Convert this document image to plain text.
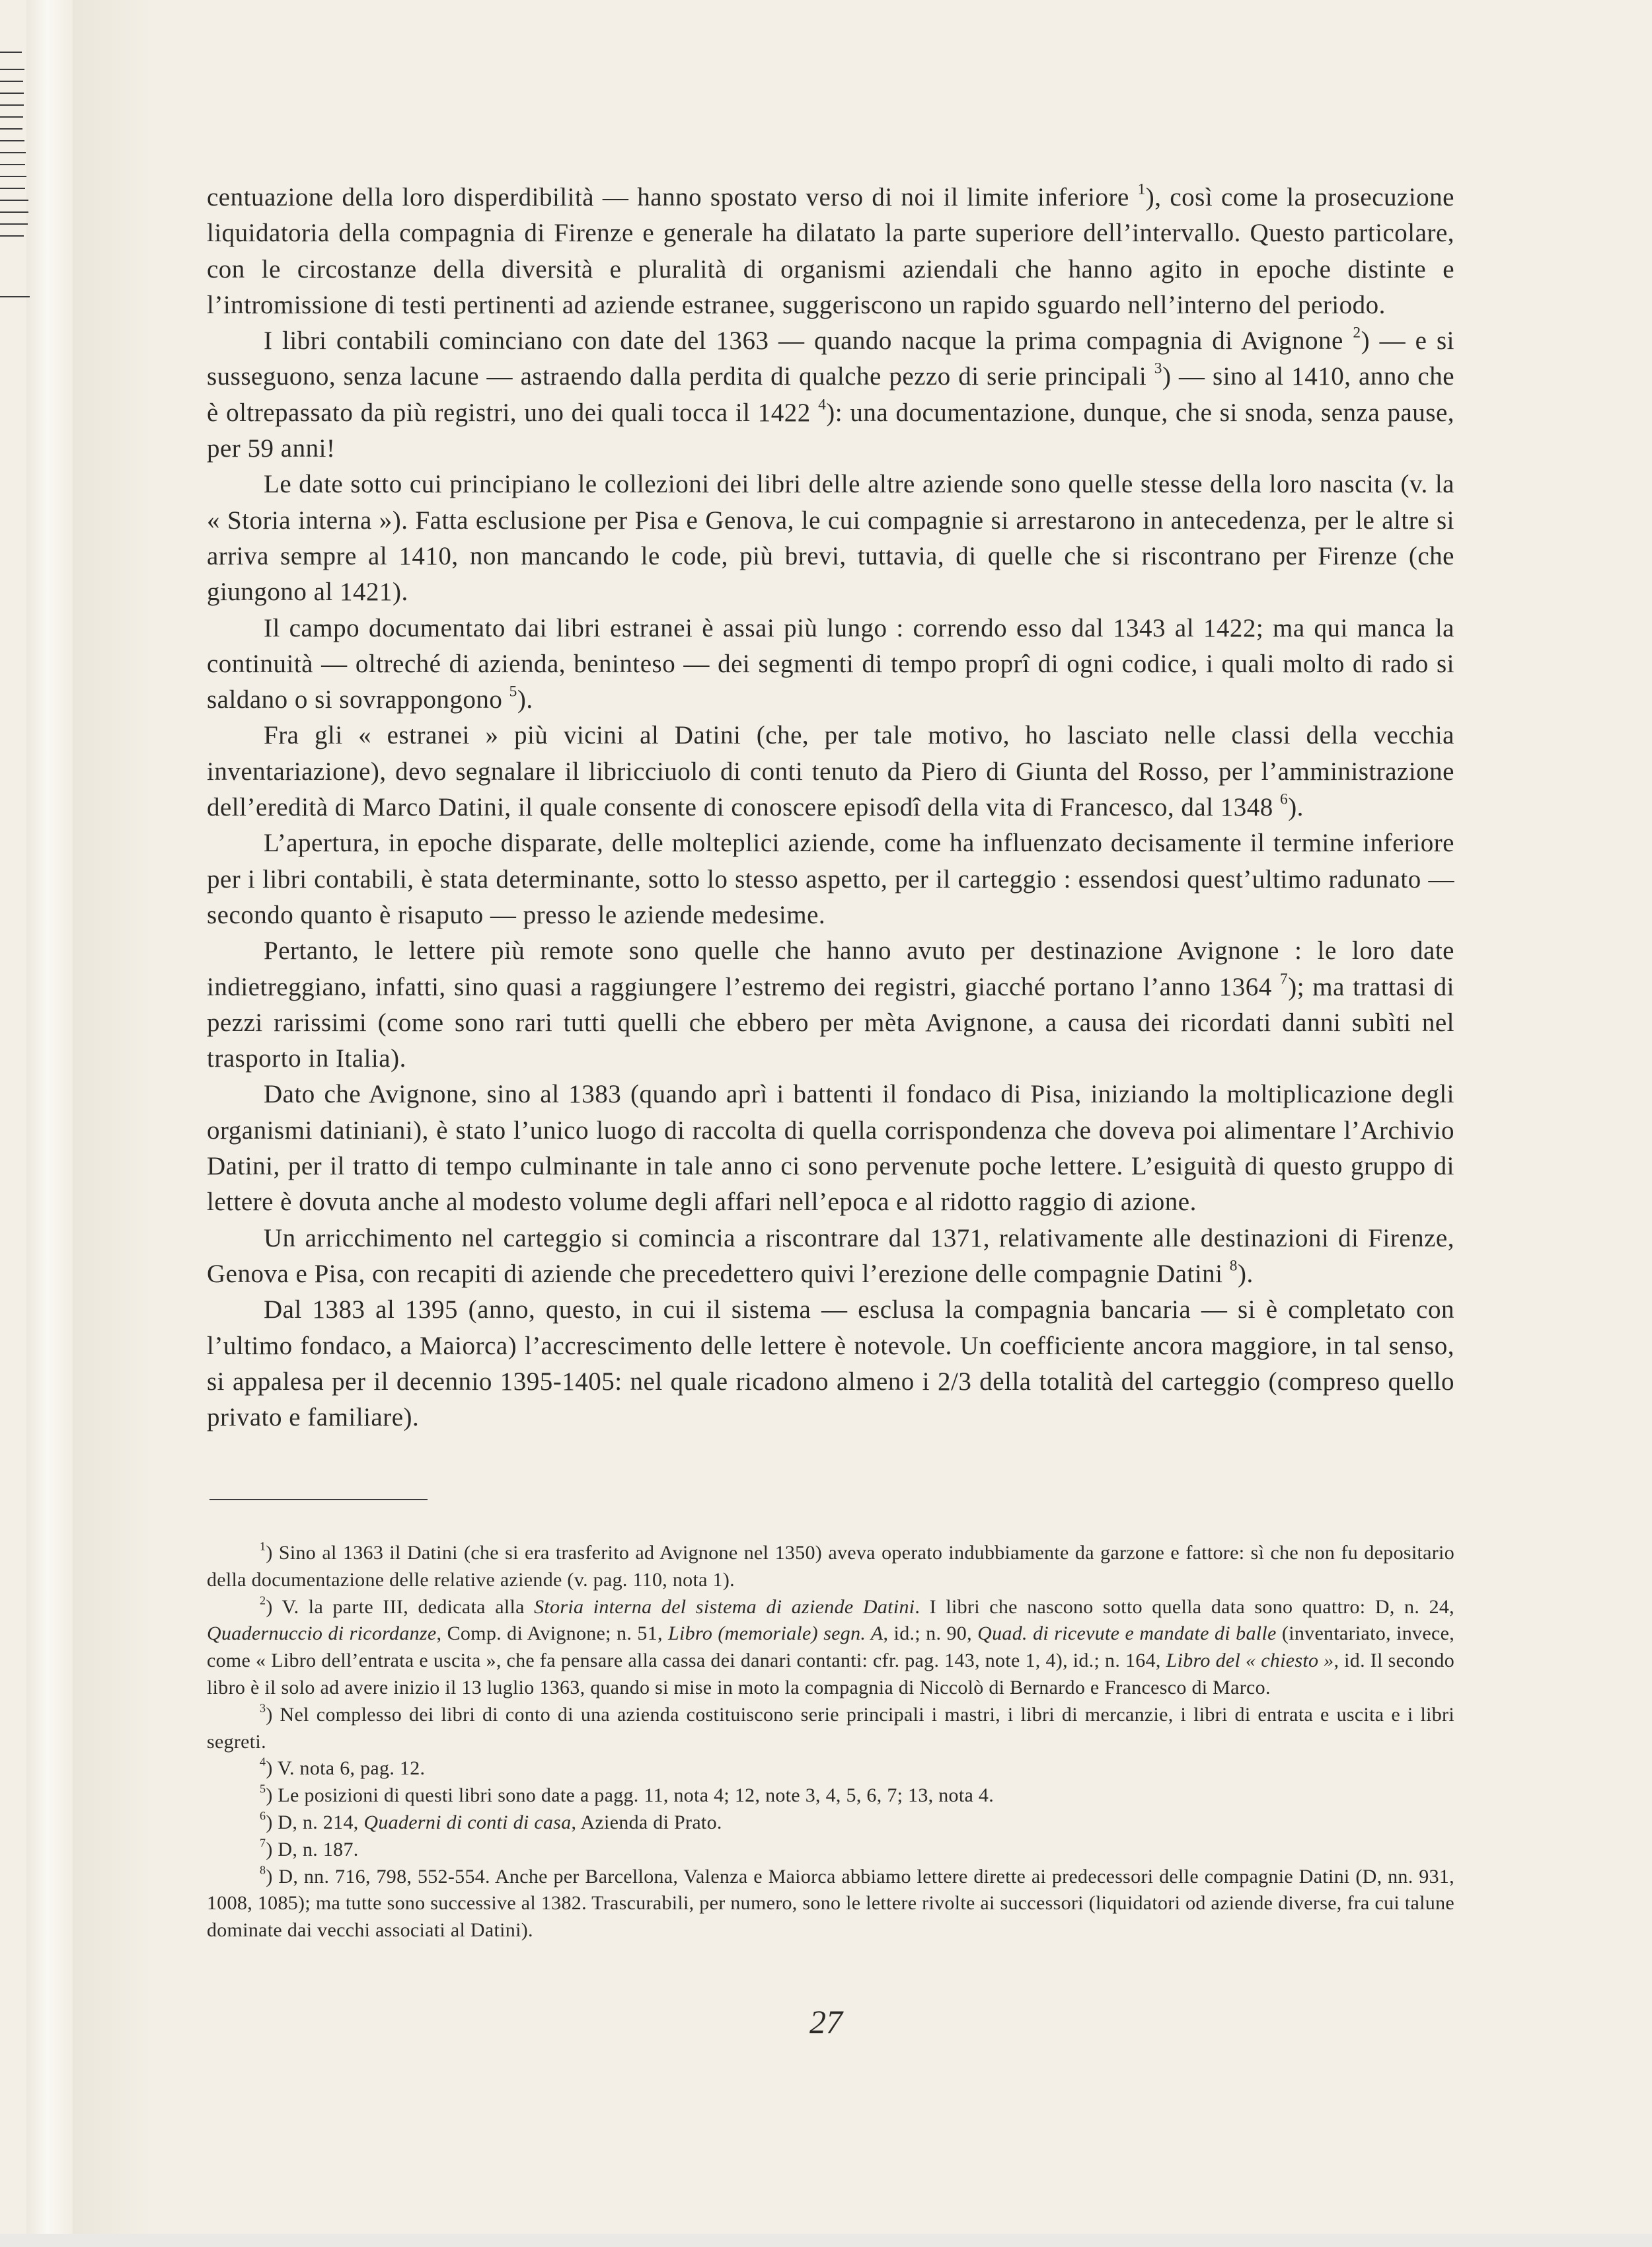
centuazione della loro disperdibilità — hanno spostato verso di noi il limite inferiore $^1$), così come la prosecuzione liquidatoria della compagnia di Firenze e generale ha dilatato la parte superiore dell’intervallo. Questo particolare, con le circostanze della diversità e pluralità di organismi aziendali che hanno agito in epoche distinte e l’intromissione di testi pertinenti ad aziende estranee, suggeriscono un rapido sguardo nell’interno del periodo.

I libri contabili cominciano con date del 1363 — quando nacque la prima compagnia di Avignone $^2$) — e si susseguono, senza lacune — astraendo dalla perdita di qualche pezzo di serie principali $^3$) — sino al 1410, anno che è oltrepassato da più registri, uno dei quali tocca il 1422 $^4$): una documentazione, dunque, che si snoda, senza pause, per 59 anni!

Le date sotto cui principiano le collezioni dei libri delle altre aziende sono quelle stesse della loro nascita (v. la « Storia interna »). Fatta esclusione per Pisa e Genova, le cui compagnie si arrestarono in antecedenza, per le altre si arriva sempre al 1410, non mancando le code, più brevi, tuttavia, di quelle che si riscontrano per Firenze (che giungono al 1421).

Il campo documentato dai libri estranei è assai più lungo : correndo esso dal 1343 al 1422; ma qui manca la continuità — oltreché di azienda, beninteso — dei segmenti di tempo proprî di ogni codice, i quali molto di rado si saldano o si sovrappongono $^5$).

Fra gli « estranei » più vicini al Datini (che, per tale motivo, ho lasciato nelle classi della vecchia inventariazione), devo segnalare il libricciuolo di conti tenuto da Piero di Giunta del Rosso, per l’amministrazione dell’eredità di Marco Datini, il quale consente di conoscere episodî della vita di Francesco, dal 1348 $^6$).

L’apertura, in epoche disparate, delle molteplici aziende, come ha influenzato decisamente il termine inferiore per i libri contabili, è stata determinante, sotto lo stesso aspetto, per il carteggio : essendosi quest’ultimo radunato — secondo quanto è risaputo — presso le aziende medesime.

Pertanto, le lettere più remote sono quelle che hanno avuto per destinazione Avignone : le loro date indietreggiano, infatti, sino quasi a raggiungere l’estremo dei registri, giacché portano l’anno 1364 $^7$); ma trattasi di pezzi rarissimi (come sono rari tutti quelli che ebbero per mèta Avignone, a causa dei ricordati danni subìti nel trasporto in Italia).

Dato che Avignone, sino al 1383 (quando aprì i battenti il fondaco di Pisa, iniziando la moltiplicazione degli organismi datiniani), è stato l’unico luogo di raccolta di quella corrispondenza che doveva poi alimentare l’Archivio Datini, per il tratto di tempo culminante in tale anno ci sono pervenute poche lettere. L’esiguità di questo gruppo di lettere è dovuta anche al modesto volume degli affari nell’epoca e al ridotto raggio di azione.

Un arricchimento nel carteggio si comincia a riscontrare dal 1371, relativamente alle destinazioni di Firenze, Genova e Pisa, con recapiti di aziende che precedettero quivi l’erezione delle compagnie Datini $^8$).

Dal 1383 al 1395 (anno, questo, in cui il sistema — esclusa la compagnia bancaria — si è completato con l’ultimo fondaco, a Maiorca) l’accrescimento delle lettere è notevole. Un coefficiente ancora maggiore, in tal senso, si appalesa per il decennio 1395-1405: nel quale ricadono almeno i 2/3 della totalità del carteggio (compreso quello privato e familiare).

$^1$) Sino al 1363 il Datini (che si era trasferito ad Avignone nel 1350) aveva operato indubbiamente da garzone e fattore: sì che non fu depositario della documentazione delle relative aziende (v. pag. 110, nota 1).

$^2$) V. la parte III, dedicata alla Storia interna del sistema di aziende Datini. I libri che nascono sotto quella data sono quattro: D, n. 24, Quadernuccio di ricordanze, Comp. di Avignone; n. 51, Libro (memoriale) segn. A, id.; n. 90, Quad. di ricevute e mandate di balle (inventariato, invece, come « Libro dell’entrata e uscita », che fa pensare alla cassa dei danari contanti: cfr. pag. 143, note 1, 4), id.; n. 164, Libro del « chiesto », id. Il secondo libro è il solo ad avere inizio il 13 luglio 1363, quando si mise in moto la compagnia di Niccolò di Bernardo e Francesco di Marco.

$^3$) Nel complesso dei libri di conto di una azienda costituiscono serie principali i mastri, i libri di mercanzie, i libri di entrata e uscita e i libri segreti.

$^4$) V. nota 6, pag. 12.

$^5$) Le posizioni di questi libri sono date a pagg. 11, nota 4; 12, note 3, 4, 5, 6, 7; 13, nota 4.

$^6$) D, n. 214, Quaderni di conti di casa, Azienda di Prato.

$^7$) D, n. 187.

$^8$) D, nn. 716, 798, 552-554. Anche per Barcellona, Valenza e Maiorca abbiamo lettere dirette ai predecessori delle compagnie Datini (D, nn. 931, 1008, 1085); ma tutte sono successive al 1382. Trascurabili, per numero, sono le lettere rivolte ai successori (liquidatori od aziende diverse, fra cui talune dominate dai vecchi associati al Datini).

27
